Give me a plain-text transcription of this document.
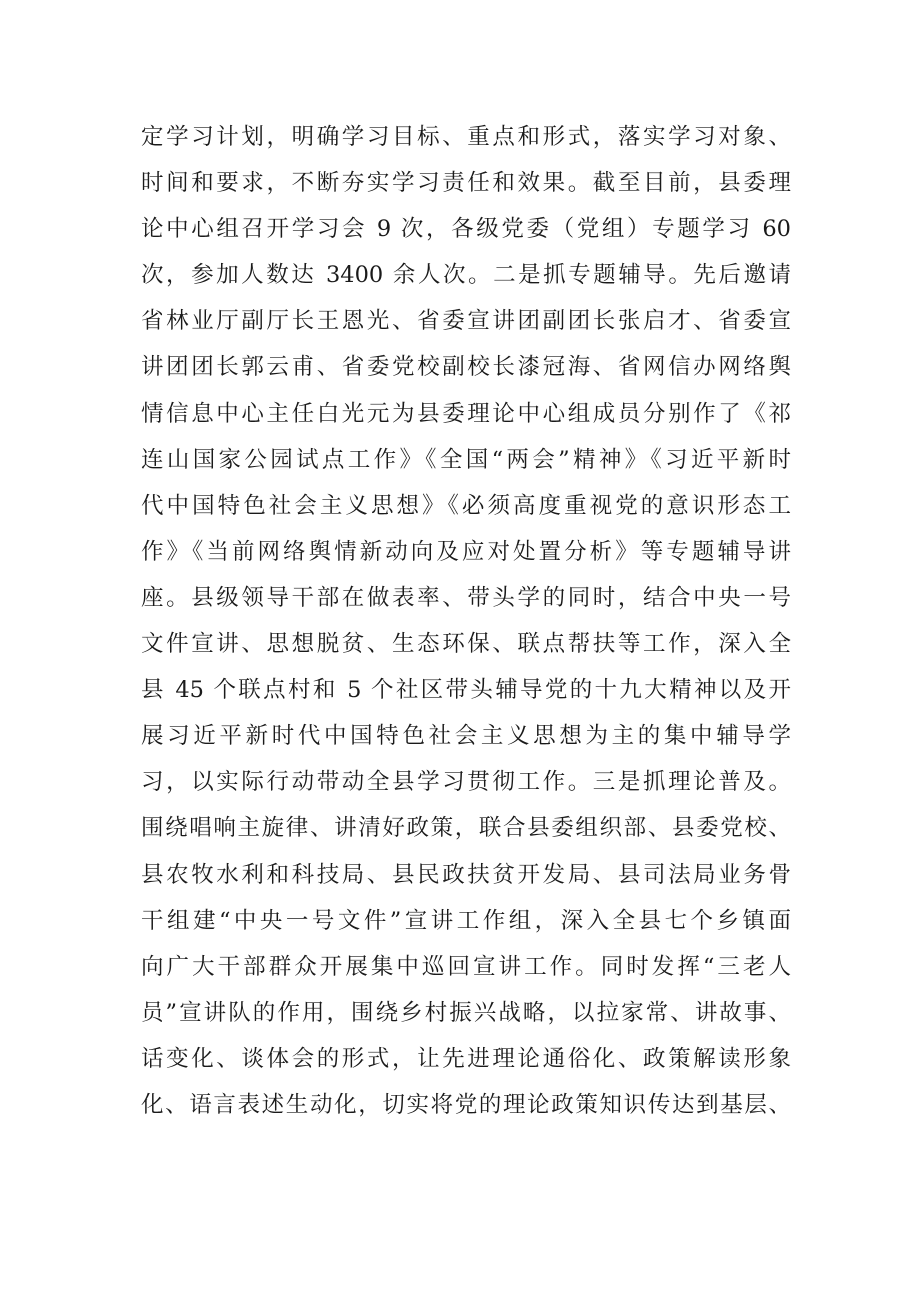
定学习计划，明确学习目标、重点和形式，落实学习对象、
时间和要求，不断夯实学习责任和效果。截至目前，县委理
论中心组召开学习会 9 次，各级党委（党组）专题学习 60
次，参加人数达 3400 余人次。二是抓专题辅导。先后邀请
省林业厅副厅长王恩光、省委宣讲团副团长张启才、省委宣
讲团团长郭云甫、省委党校副校长漆冠海、省网信办网络舆
情信息中心主任白光元为县委理论中心组成员分别作了《祁
连山国家公园试点工作》《全国“两会”精神》《习近平新时
代中国特色社会主义思想》《必须高度重视党的意识形态工
作》《当前网络舆情新动向及应对处置分析》等专题辅导讲
座。县级领导干部在做表率、带头学的同时，结合中央一号
文件宣讲、思想脱贫、生态环保、联点帮扶等工作，深入全
县 45 个联点村和 5 个社区带头辅导党的十九大精神以及开
展习近平新时代中国特色社会主义思想为主的集中辅导学
习，以实际行动带动全县学习贯彻工作。三是抓理论普及。
围绕唱响主旋律、讲清好政策，联合县委组织部、县委党校、
县农牧水利和科技局、县民政扶贫开发局、县司法局业务骨
干组建“中央一号文件”宣讲工作组，深入全县七个乡镇面
向广大干部群众开展集中巡回宣讲工作。同时发挥“三老人
员”宣讲队的作用，围绕乡村振兴战略，以拉家常、讲故事、
话变化、谈体会的形式，让先进理论通俗化、政策解读形象
化、语言表述生动化，切实将党的理论政策知识传达到基层、
